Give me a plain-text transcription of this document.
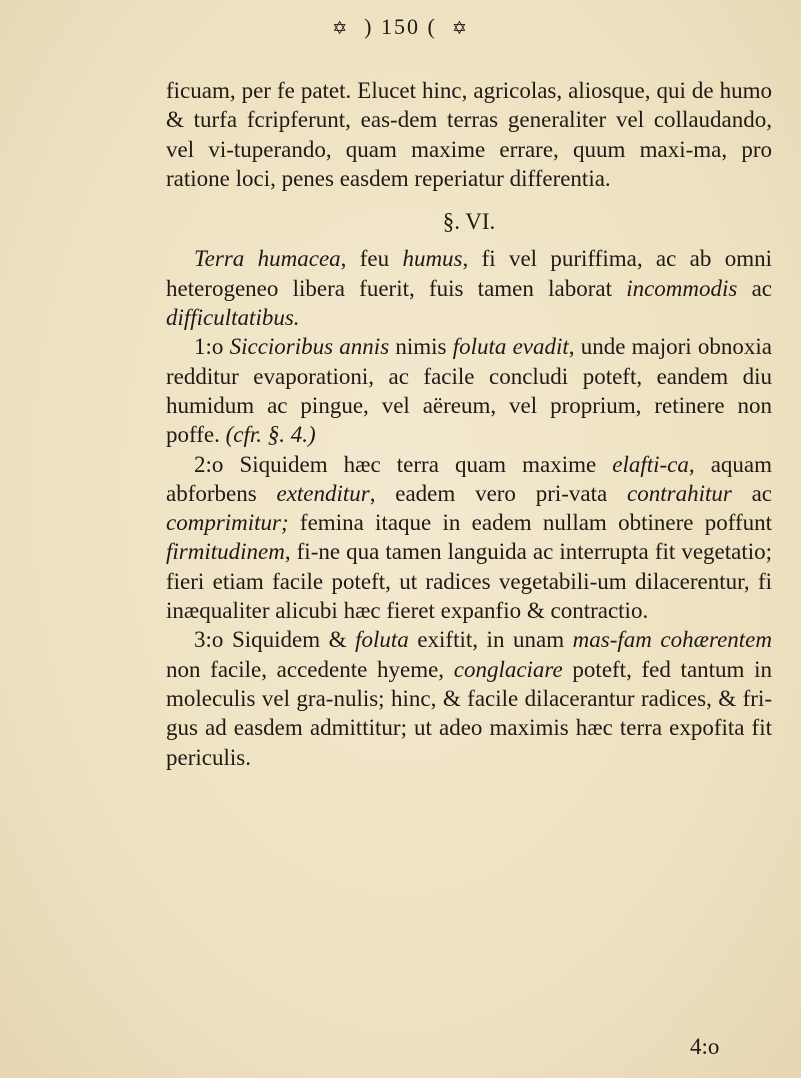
✡ ) 150 ( ✡

ficuam, per fe patet. Elucet hinc, agricolas, aliosque, qui de humo & turfa fcripferunt, eas-dem terras generaliter vel collaudando, vel vi-tuperando, quam maxime errare, quum maxi-ma, pro ratione loci, penes easdem reperiatur differentia.

§. VI.

Terra humacea, feu humus, fi vel puriffima, ac ab omni heterogeneo libera fuerit, fuis tamen laborat incommodis ac difficultatibus.

1:o Siccioribus annis nimis foluta evadit, unde majori obnoxia redditur evaporationi, ac facile concludi poteft, eandem diu humidum ac pingue, vel aëreum, vel proprium, retinere non poffe. (cfr. §. 4.)

2:o Siquidem hæc terra quam maxime elafti-ca, aquam abforbens extenditur, eadem vero pri-vata contrahitur ac comprimitur; femina itaque in eadem nullam obtinere poffunt firmitudinem, fi-ne qua tamen languida ac interrupta fit vegetatio; fieri etiam facile poteft, ut radices vegetabili-um dilacerentur, fi inæqualiter alicubi hæc fieret expanfio & contractio.

3:o Siquidem & foluta exiftit, in unam mas-fam cohærentem non facile, accedente hyeme, conglaciare poteft, fed tantum in moleculis vel gra-nulis; hinc, & facile dilacerantur radices, & fri-gus ad easdem admittitur; ut adeo maximis hæc terra expofita fit periculis.

4:o
